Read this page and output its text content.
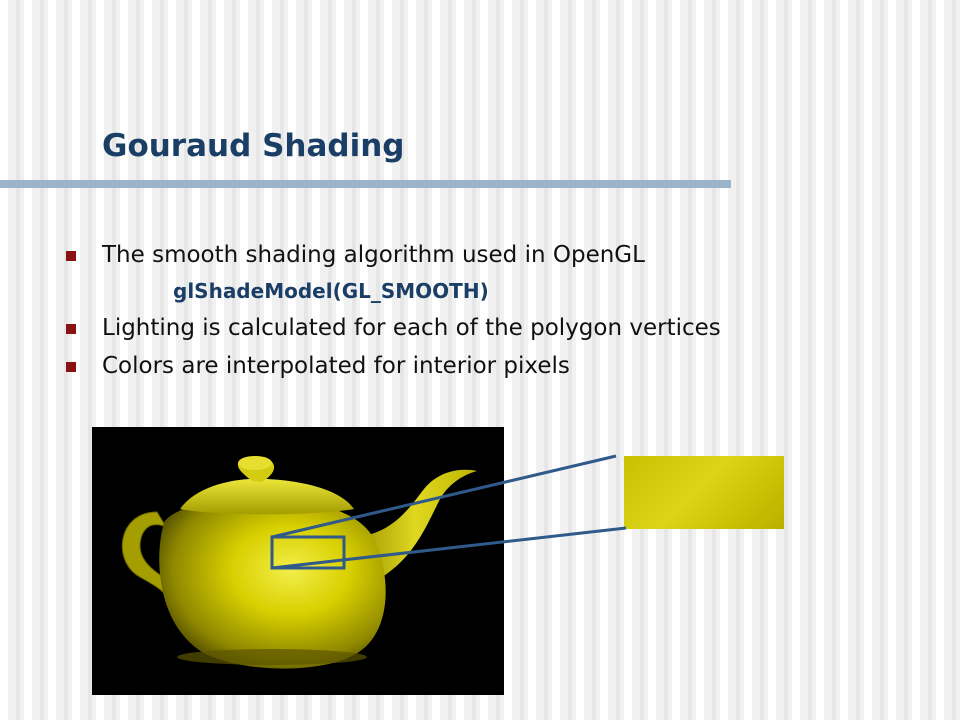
Gouraud Shading
The smooth shading algorithm used in OpenGL
glShadeModel(GL_SMOOTH)
Lighting is calculated for each of the polygon vertices
Colors are interpolated for interior pixels
